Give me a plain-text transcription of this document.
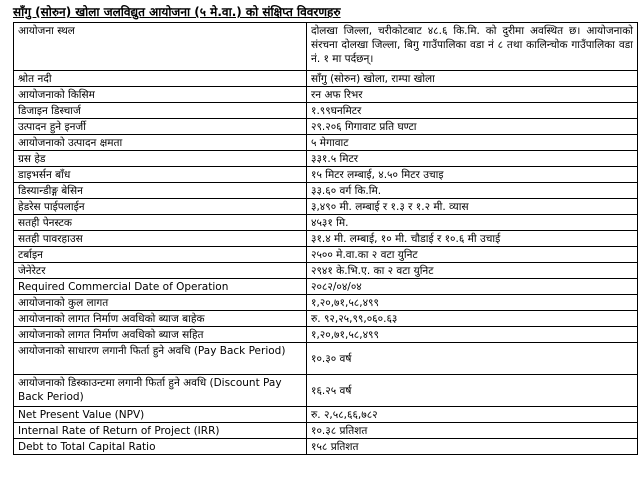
साँगु (सोरुन) खोला जलविद्युत आयोजना (५ मे.वा.) को संक्षिप्त विवरणहरु
आयोजना स्थल	दोलखा जिल्ला, चरीकोटबाट ४८.६ कि.मि. को दुरीमा अवस्थित छ। आयोजनाको संरचना दोलखा जिल्ला, बिगु गाउँपालिका वडा नं ८ तथा कालिन्चोक गाउँपालिका वडा नं. १ मा पर्दछन्।
श्रोत नदी	साँगु (सोरुन) खोला, राम्पा खोला
आयोजनाको किसिम	रन अफ रिभर
डिजाइन डिस्चार्ज	१.९९घनमिटर
उत्पादन हुने इनर्जी	२९.२०६ गिगावाट प्रति घण्टा
आयोजनाको उत्पादन क्षमता	५ मेगावाट
ग्रस हेड	३३१.५ मिटर
डाइभर्सन बाँध	१५ मिटर लम्बाई, ४.५० मिटर उचाइ
डिस्यान्डीङ्ग बेसिन	३३.६० वर्ग कि.मि.
हेडरेस पाईपलाईन	३,४९० मी. लम्बाई र १.३ र १.२ मी. व्यास
सतही पेनस्टक	४५३१ मि.
सतही पावरहाउस	३१.४ मी. लम्बाई, १० मी. चौडाई र १०.६ मी उचाई
टर्बाइन	२५०० मे.वा.का २ वटा युनिट
जेनेरेटर	२९४१ के.भि.ए. का २ वटा युनिट
Required Commercial Date of Operation	२०८२/०४/०४
आयोजनाको कुल लागत	१,२०,७१,५८,४९९
आयोजनाको लागत निर्माण अवधिको ब्याज बाहेक	रु. ९२,२५,९९,०६०.६३
आयोजनाको लागत निर्माण अवधिको ब्याज सहित	१,२०,७१,५८,४९९
आयोजनाको साधारण लगानी फिर्ता हुने अवधि (Pay Back Period)	१०.३० वर्ष
आयोजनाको डिस्काउन्टमा लगानी फिर्ता हुने अवधि (Discount Pay Back Period)	१६.२५ वर्ष
Net Present Value (NPV)	रु. २,५८,६६,७८२
Internal Rate of Return of Project (IRR)	१०.३८ प्रतिशत
Debt to Total Capital Ratio	१५८ प्रतिशत
